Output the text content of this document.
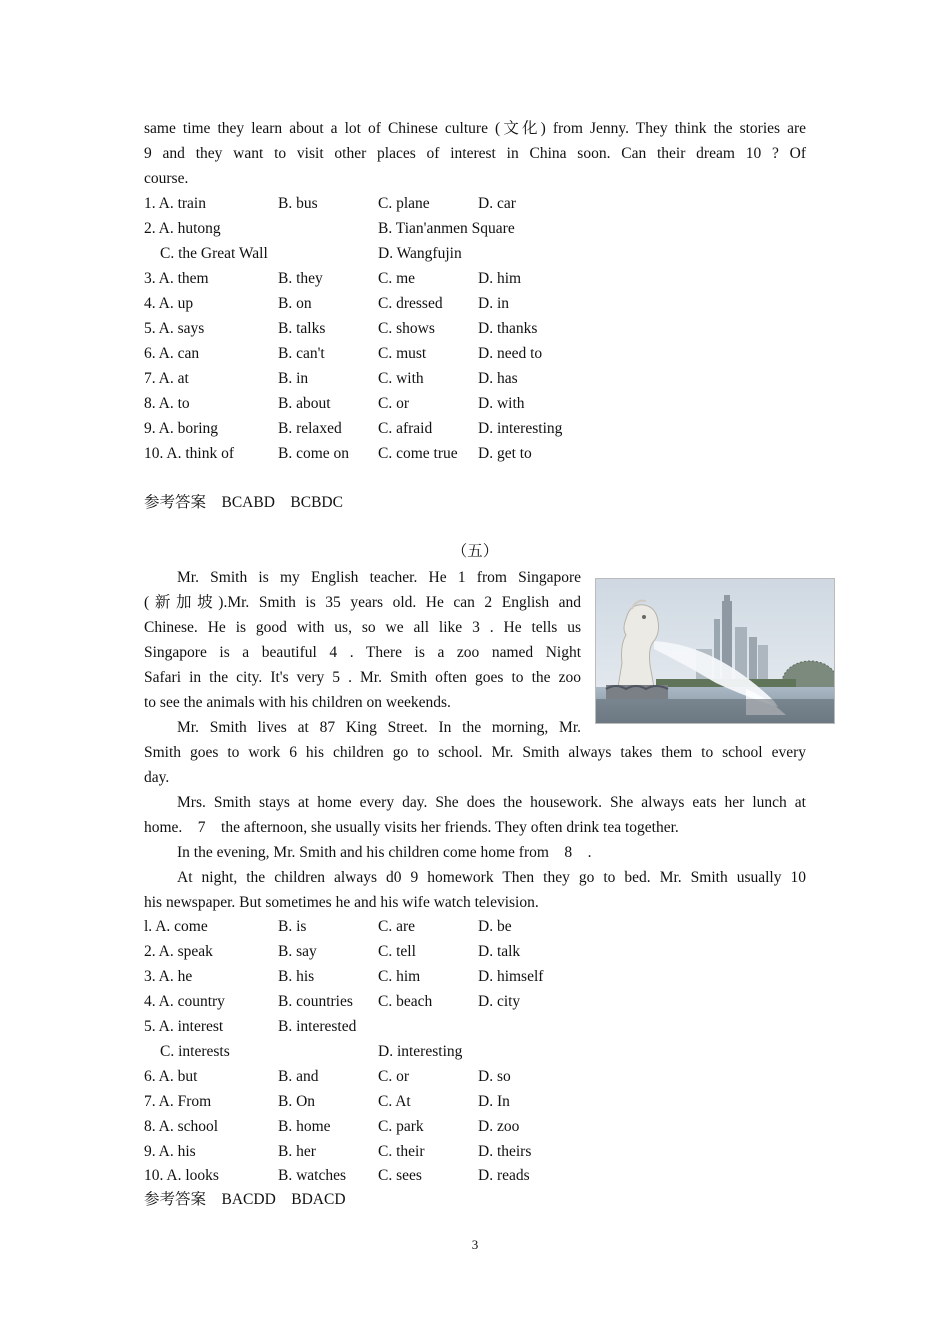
same time they learn about a lot of Chinese culture (文化) from Jenny. They think the stories are
9 and they want to visit other places of interest in China soon. Can their dream 10 ? Of
course.
1. A. train	B. bus	C. plane	D. car
2. A. hutong	B. Tian'anmen Square
C. the Great Wall	D. Wangfujin
3. A. them	B. they	C. me	D. him
4. A. up	B. on	C. dressed D. in
5. A. says	B. talks	C. shows	D. thanks
6. A. can	B. can't	C. must	D. need to
7. A. at	B. in	C. with	D. has
8. A. to	B. about	C. or	D. with
9. A. boring	B. relaxed C. afraid	D. interesting
10. A. think of	B. come on C. come true D. get to
参考答案    BCABD    BCBDC
（五）
Mr. Smith is my English teacher. He 1 from Singapore
(新加坡).Mr. Smith is 35 years old. He can 2 English and
Chinese. He is good with us, so we all like 3 . He tells us
Singapore is a beautiful 4 . There is a zoo named Night
Safari in the city. It's very 5 . Mr. Smith often goes to the zoo
to see the animals with his children on weekends.
Mr. Smith lives at 87 King Street. In the morning, Mr.
Smith goes to work 6 his children go to school. Mr. Smith always takes them to school every
day.
Mrs. Smith stays at home every day. She does the housework. She always eats her lunch at
home.    7    the afternoon, she usually visits her friends. They often drink tea together.
In the evening, Mr. Smith and his children come home from    8    .
At night, the children always d0 9 homework Then they go to bed. Mr. Smith usually 10
his newspaper. But sometimes he and his wife watch television.
l. A. come	B. is	C. are	D. be
2. A. speak	B. say	C. tell	D. talk
3. A. he	B. his	C. him	D. himself
4. A. country	B. countries C. beach	D. city
5. A. interest	B. interested
C. interests	D. interesting
6. A. but	B. and	C. or	D. so
7. A. From	B. On	C. At	D. In
8. A. school	B. home	C. park	D. zoo
9. A. his	B. her	C. their	D. theirs
10. A. looks	B. watches C. sees	D. reads
参考答案    BACDD    BDACD
3
